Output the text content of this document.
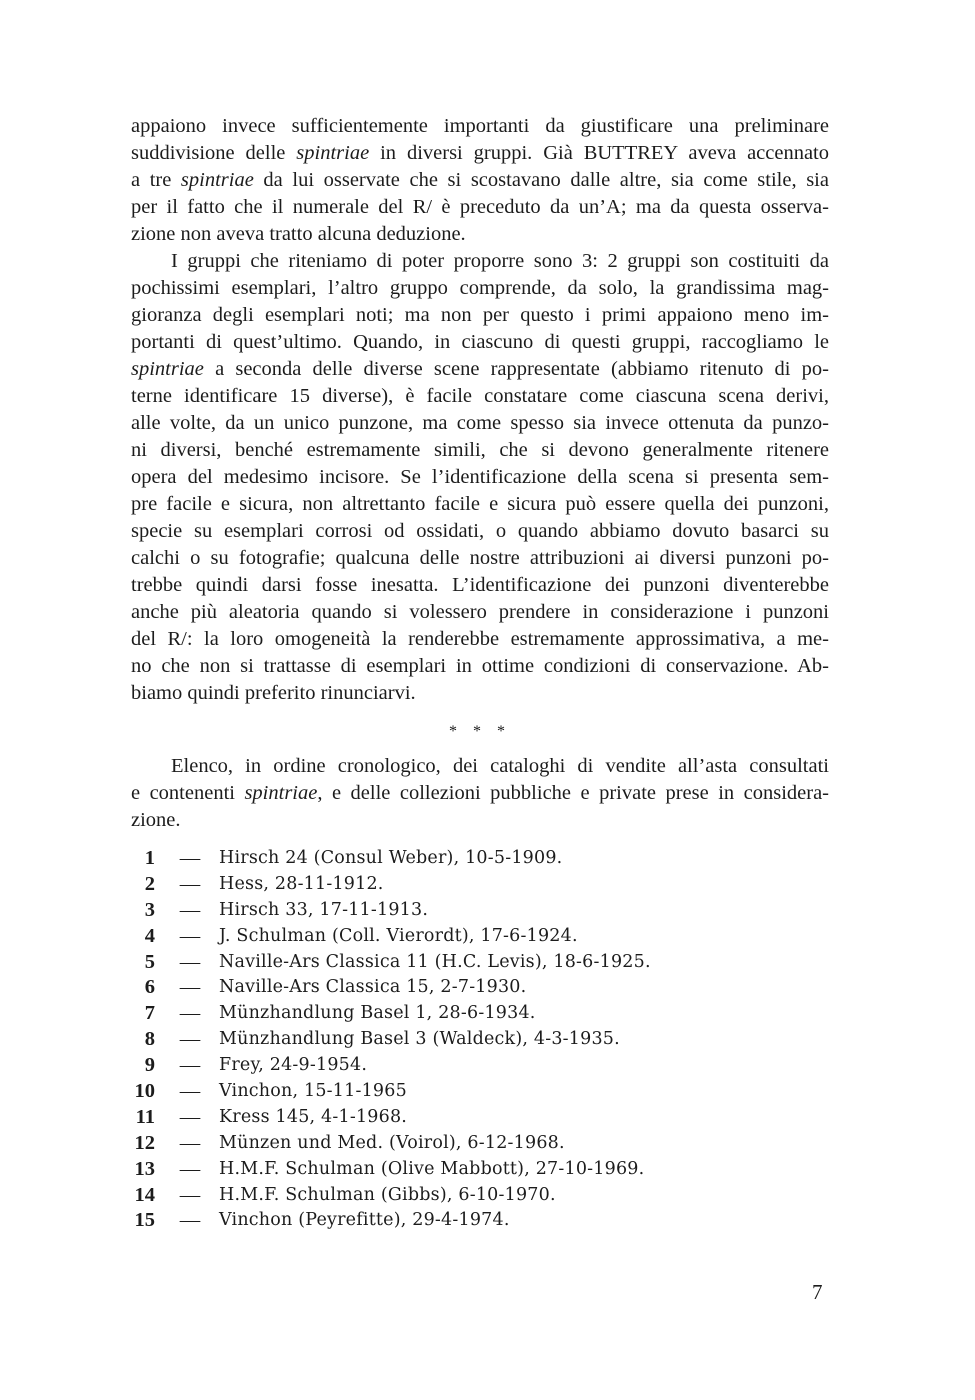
appaiono invece sufficientemente importanti da giustificare una preliminare
suddivisione delle spintriae in diversi gruppi. Già BUTTREY aveva accennato
a tre spintriae da lui osservate che si scostavano dalle altre, sia come stile, sia
per il fatto che il numerale del R/ è preceduto da un’A; ma da questa osserva-
zione non aveva tratto alcuna deduzione.

I gruppi che riteniamo di poter proporre sono 3: 2 gruppi son costituiti da
pochissimi esemplari, l’altro gruppo comprende, da solo, la grandissima mag-
gioranza degli esemplari noti; ma non per questo i primi appaiono meno im-
portanti di quest’ultimo. Quando, in ciascuno di questi gruppi, raccogliamo le
spintriae a seconda delle diverse scene rappresentate (abbiamo ritenuto di po-
terne identificare 15 diverse), è facile constatare come ciascuna scena derivi,
alle volte, da un unico punzone, ma come spesso sia invece ottenuta da punzo-
ni diversi, benché estremamente simili, che si devono generalmente ritenere
opera del medesimo incisore. Se l’identificazione della scena si presenta sem-
pre facile e sicura, non altrettanto facile e sicura può essere quella dei punzoni,
specie su esemplari corrosi od ossidati, o quando abbiamo dovuto basarci su
calchi o su fotografie; qualcuna delle nostre attribuzioni ai diversi punzoni po-
trebbe quindi darsi fosse inesatta. L’identificazione dei punzoni diventerebbe
anche più aleatoria quando si volessero prendere in considerazione i punzoni
del R/: la loro omogeneità la renderebbe estremamente approssimativa, a me-
no che non si trattasse di esemplari in ottime condizioni di conservazione. Ab-
biamo quindi preferito rinunciarvi.

* * *

Elenco, in ordine cronologico, dei cataloghi di vendite all’asta consultati
e contenenti spintriae, e delle collezioni pubbliche e private prese in considera-
zione.

1	—	Hirsch 24 (Consul Weber), 10-5-1909.
2	—	Hess, 28-11-1912.
3	—	Hirsch 33, 17-11-1913.
4	—	J. Schulman (Coll. Vierordt), 17-6-1924.
5	—	Naville-Ars Classica 11 (H.C. Levis), 18-6-1925.
6	—	Naville-Ars Classica 15, 2-7-1930.
7	—	Münzhandlung Basel 1, 28-6-1934.
8	—	Münzhandlung Basel 3 (Waldeck), 4-3-1935.
9	—	Frey, 24-9-1954.
10	—	Vinchon, 15-11-1965
11	—	Kress 145, 4-1-1968.
12	—	Münzen und Med. (Voirol), 6-12-1968.
13	—	H.M.F. Schulman (Olive Mabbott), 27-10-1969.
14	—	H.M.F. Schulman (Gibbs), 6-10-1970.
15	—	Vinchon (Peyrefitte), 29-4-1974.
7
